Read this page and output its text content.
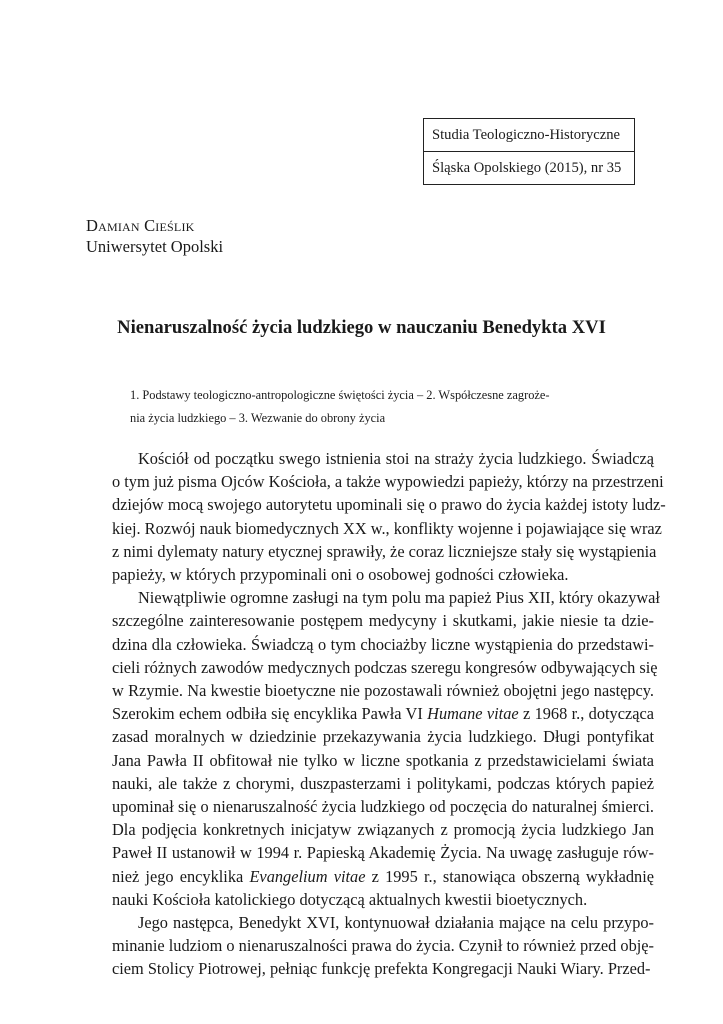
Studia Teologiczno-Historyczne
Śląska Opolskiego (2015), nr 35
Damian Cieślik
Uniwersytet Opolski
Nienaruszalność życia ludzkiego w nauczaniu Benedykta XVI
1. Podstawy teologiczno-antropologiczne świętości życia – 2. Współczesne zagroże-
nia życia ludzkiego – 3. Wezwanie do obrony życia

Kościół od początku swego istnienia stoi na straży życia ludzkiego. Świadczą
o tym już pisma Ojców Kościoła, a także wypowiedzi papieży, którzy na przestrzeni
dziejów mocą swojego autorytetu upominali się o prawo do życia każdej istoty ludz-
kiej. Rozwój nauk biomedycznych XX w., konflikty wojenne i pojawiające się wraz
z nimi dylematy natury etycznej sprawiły, że coraz liczniejsze stały się wystąpienia
papieży, w których przypominali oni o osobowej godności człowieka.

Niewątpliwie ogromne zasługi na tym polu ma papież Pius XII, który okazywał
szczególne zainteresowanie postępem medycyny i skutkami, jakie niesie ta dzie-
dzina dla człowieka. Świadczą o tym chociażby liczne wystąpienia do przedstawi-
cieli różnych zawodów medycznych podczas szeregu kongresów odbywających się
w Rzymie. Na kwestie bioetyczne nie pozostawali również obojętni jego następcy.
Szerokim echem odbiła się encyklika Pawła VI Humane vitae z 1968 r., dotycząca
zasad moralnych w dziedzinie przekazywania życia ludzkiego. Długi pontyfikat
Jana Pawła II obfitował nie tylko w liczne spotkania z przedstawicielami świata
nauki, ale także z chorymi, duszpasterzami i politykami, podczas których papież
upominał się o nienaruszalność życia ludzkiego od poczęcia do naturalnej śmierci.
Dla podjęcia konkretnych inicjatyw związanych z promocją życia ludzkiego Jan
Paweł II ustanowił w 1994 r. Papieską Akademię Życia. Na uwagę zasługuje rów-
nież jego encyklika Evangelium vitae z 1995 r., stanowiąca obszerną wykładnię
nauki Kościoła katolickiego dotyczącą aktualnych kwestii bioetycznych.

Jego następca, Benedykt XVI, kontynuował działania mające na celu przypo-
minanie ludziom o nienaruszalności prawa do życia. Czynił to również przed obję-
ciem Stolicy Piotrowej, pełniąc funkcję prefekta Kongregacji Nauki Wiary. Przed-
